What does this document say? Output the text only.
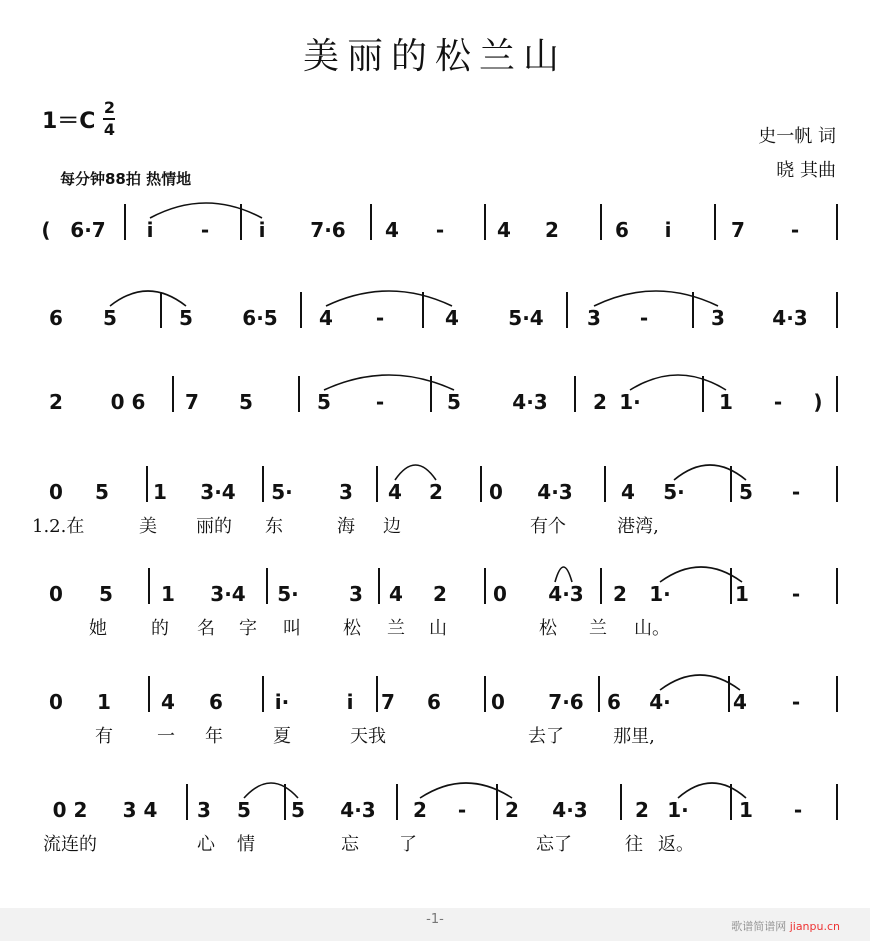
美丽的松兰山
1＝C
2
4	史一帆 词
晓 其曲
每分钟88拍 热情地
( 6·7 i - i 7·6 4 -	4 2	6 i	7 -
6 5	5 6·5 4 -	4 5·4 3 -	3 4·3
2 0 6 7 5	5 -	5	4·3 2 1·	1 - )
0 5 1 3·4 5· 3 4 2 0 4·3 4 5·	5 -
1.2.在	美 丽的 东	海 边	有个	港湾,
0 5 1 3·4 5·	3 4 2 0 4·3 2 1·	1 -
她 的 名 字 叫 松 兰 山	松 兰 山。
0 1	4 6	i·	i 7 6	0 7·6 6 4·	4 -
有 一 年	夏	天我	去了	那里,
0 2 3 4 3 5 5 4·3 2 - 2 4·3 2 1·	1 -
流连的	心 情	忘 了	忘了	往 返。
-1-	歌谱简谱网 jianpu.cn
